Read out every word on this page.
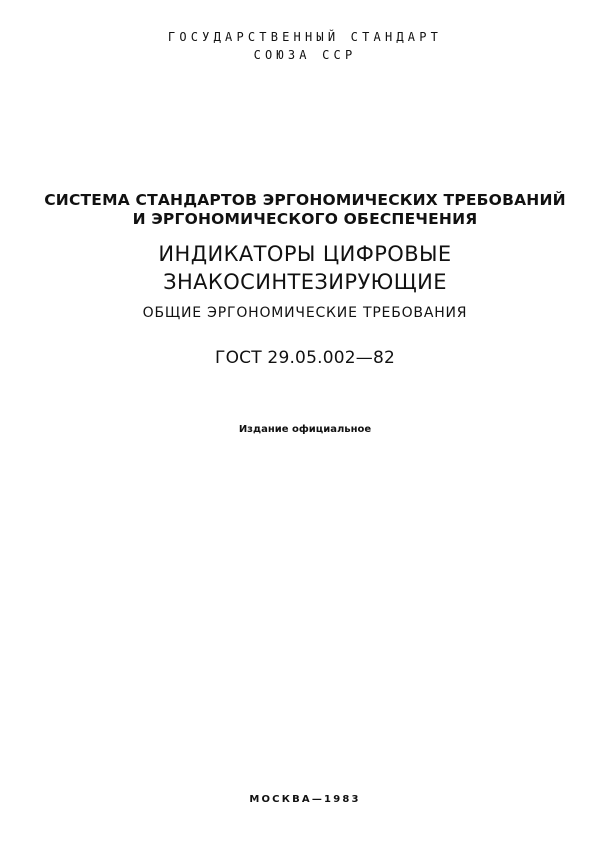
ГОСУДАРСТВЕННЫЙ СТАНДАРТ
СОЮЗА ССР
СИСТЕМА СТАНДАРТОВ ЭРГОНОМИЧЕСКИХ ТРЕБОВАНИЙ
И ЭРГОНОМИЧЕСКОГО ОБЕСПЕЧЕНИЯ
ИНДИКАТОРЫ ЦИФРОВЫЕ
ЗНАКОСИНТЕЗИРУЮЩИЕ
ОБЩИЕ ЭРГОНОМИЧЕСКИЕ ТРЕБОВАНИЯ
ГОСТ 29.05.002—82
Издание официальное
МОСКВА—1983
